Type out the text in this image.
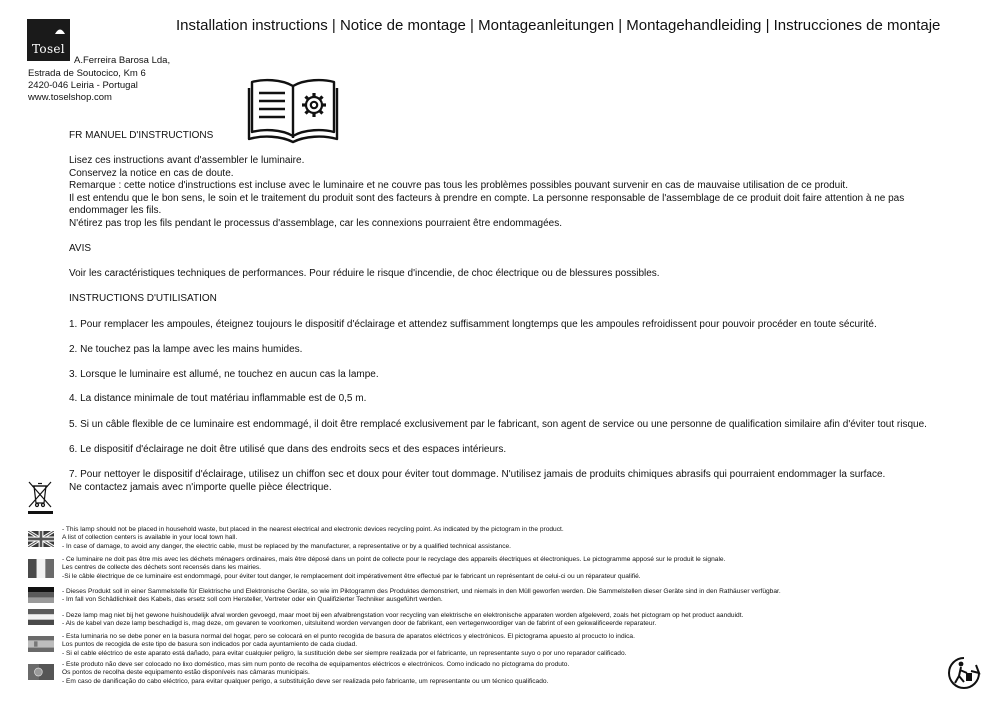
Installation instructions | Notice de montage | Montageanleitungen | Montagehandleiding | Instrucciones de montaje
Tosel
A.Ferreira Barosa Lda,
Estrada de Soutocico, Km 6
2420-046 Leiria - Portugal
www.toselshop.com
FR MANUEL D'INSTRUCTIONS
Lisez ces instructions avant d'assembler le luminaire.
Conservez la notice en cas de doute.
Remarque : cette notice d'instructions est incluse avec le luminaire et ne couvre pas tous les problèmes possibles pouvant survenir en cas de mauvaise utilisation de ce produit.
Il est entendu que le bon sens, le soin et le traitement du produit sont des facteurs à prendre en compte. La personne responsable de l'assemblage de ce produit doit faire attention à ne pas
endommager les fils.
N'étirez pas trop les fils pendant le processus d'assemblage, car les connexions pourraient être endommagées.
AVIS
Voir les caractéristiques techniques de performances. Pour réduire le risque d'incendie, de choc électrique ou de blessures possibles.
INSTRUCTIONS D'UTILISATION
1. Pour remplacer les ampoules, éteignez toujours le dispositif d'éclairage et attendez suffisamment longtemps que les ampoules refroidissent pour pouvoir procéder en toute sécurité.
2. Ne touchez pas la lampe avec les mains humides.
3. Lorsque le luminaire est allumé, ne touchez en aucun cas la lampe.
4. La distance minimale de tout matériau inflammable est de 0,5 m.
5. Si un câble flexible de ce luminaire est endommagé, il doit être remplacé exclusivement par le fabricant, son agent de service ou une personne de qualification similaire afin d'éviter tout risque.
6. Le dispositif d'éclairage ne doit être utilisé que dans des endroits secs et des espaces intérieurs.
7. Pour nettoyer le dispositif d'éclairage, utilisez un chiffon sec et doux pour éviter tout dommage. N'utilisez jamais de produits chimiques abrasifs qui pourraient endommager la surface.
Ne contactez jamais avec n'importe quelle pièce électrique.
- This lamp should not be placed in household waste, but placed in the nearest electrical and electronic devices recycling point. As indicated by the pictogram in the product.
A list of collection centers is available in your local town hall.
- In case of damage, to avoid any danger, the electric cable, must be replaced by the manufacturer, a representative or by a qualified technical assistance.
- Ce luminaire ne doit pas être mis avec les déchets ménagers ordinaires, mais être déposé dans un point de collecte pour le recyclage des appareils électriques et électroniques. Le pictogramme apposé sur le produit le signale.
Les centres de collecte des déchets sont recensés dans les mairies.
-Si le câble électrique de ce luminaire est endommagé, pour éviter tout danger, le remplacement doit impérativement être effectué par le fabricant un représentant de celui-ci ou un réparateur qualifié.
- Dieses Produkt soll in einer Sammelstelle für Elektrische und Elektronische Geräte, so wie im Piktogramm des Produktes demonstriert, und niemals in den Müll geworfen werden. Die Sammelstellen dieser Geräte sind in den Rathäuser verfügbar.
- Im fall von Schädlichkeit des Kabels, das ersetz soll com Hersteller, Vertreter oder ein Qualifizierter Techniker ausgeführt werden.
- Deze lamp mag niet bij het gewone huishoudelijk afval worden gevoegd, maar moet bij een afvalbrengstation voor recycling van elektrische en elektronische apparaten worden afgeleverd, zoals het pictogram op het product aanduidt.
- Als de kabel van deze lamp beschadigd is, mag deze, om gevaren te voorkomen, uitsluitend worden vervangen door de fabrikant, een vertegenwoordiger van de fabrint of een gekwalificeerde reparateur.
- Esta luminaria no se debe poner en la basura normal del hogar, pero se colocará en el punto recogida de basura de aparatos eléctricos y electrónicos. El pictograma apuesto al procucto lo indica.
Los puntos de recogida de este tipo de basura son indicados por cada ayuntamiento de cada ciudad.
- Si el cable eléctrico de este aparato está dañado, para evitar cualquier peligro, la sustitución debe ser siempre realizada por el fabricante, un representante suyo o por uno reparador calificado.
- Este produto não deve ser colocado no lixo doméstico, mas sim num ponto de recolha de equipamentos eléctricos e electrónicos. Como indicado no pictograma do produto.
Os pontos de recolha deste equipamento estão disponíveis nas câmaras municipais.
- Em caso de danificação do cabo eléctrico, para evitar qualquer perigo, a substituição deve ser realizada pelo fabricante, um representante ou um técnico qualificado.
